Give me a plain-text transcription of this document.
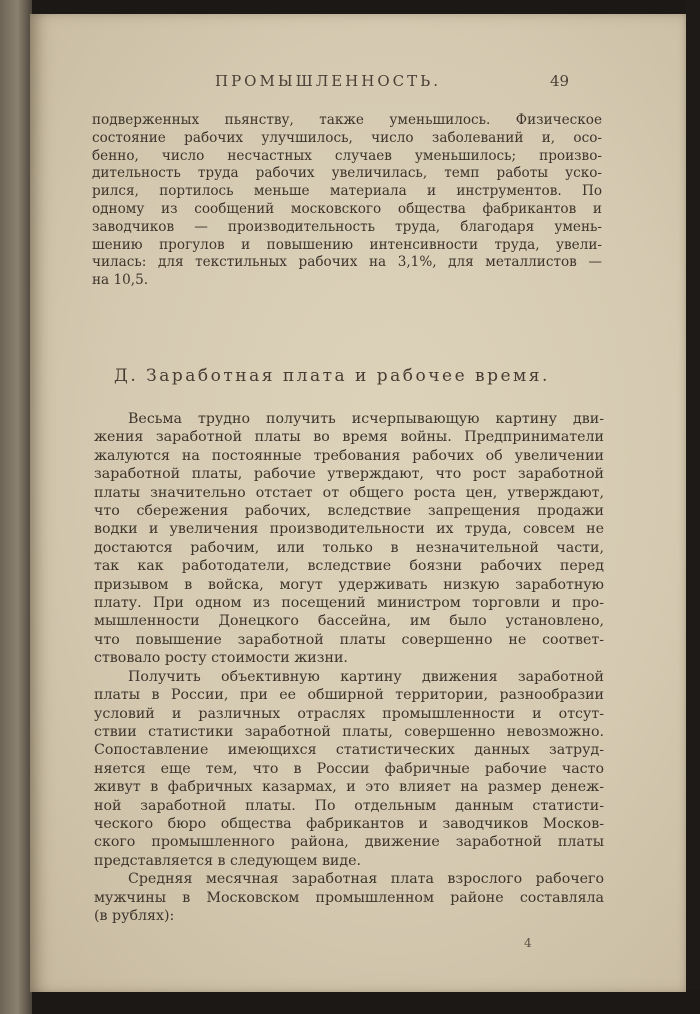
ПРОМЫШЛЕННОСТЬ.	49
подверженных пьянству, также уменьшилось. Физическое
состояние рабочих улучшилось, число заболеваний и, осо-
бенно, число несчастных случаев уменьшилось; произво-
дительность труда рабочих увеличилась, темп работы уско-
рился, портилось меньше материала и инструментов. По
одному из сообщений московского общества фабрикантов и
заводчиков — производительность труда, благодаря умень-
шению прогулов и повышению интенсивности труда, увели-
чилась: для текстильных рабочих на 3,1%, для металлистов —
на 10,5.
Д. Заработная плата и рабочее время.
Весьма трудно получить исчерпывающую картину дви-
жения заработной платы во время войны. Предприниматели
жалуются на постоянные требования рабочих об увеличении
заработной платы, рабочие утверждают, что рост заработной
платы значительно отстает от общего роста цен, утверждают,
что сбережения рабочих, вследствие запрещения продажи
водки и увеличения производительности их труда, совсем не
достаются рабочим, или только в незначительной части,
так как работодатели, вследствие боязни рабочих перед
призывом в войска, могут удерживать низкую заработную
плату. При одном из посещений министром торговли и про-
мышленности Донецкого бассейна, им было установлено,
что повышение заработной платы совершенно не соответ-
ствовало росту стоимости жизни.
Получить объективную картину движения заработной
платы в России, при ее обширной территории, разнообразии
условий и различных отраслях промышленности и отсут-
ствии статистики заработной платы, совершенно невозможно.
Сопоставление имеющихся статистических данных затруд-
няется еще тем, что в России фабричные рабочие часто
живут в фабричных казармах, и это влияет на размер денеж-
ной заработной платы. По отдельным данным статисти-
ческого бюро общества фабрикантов и заводчиков Москов-
ского промышленного района, движение заработной платы
представляется в следующем виде.
Средняя месячная заработная плата взрослого рабочего
мужчины в Московском промышленном районе составляла
(в рублях):
4
